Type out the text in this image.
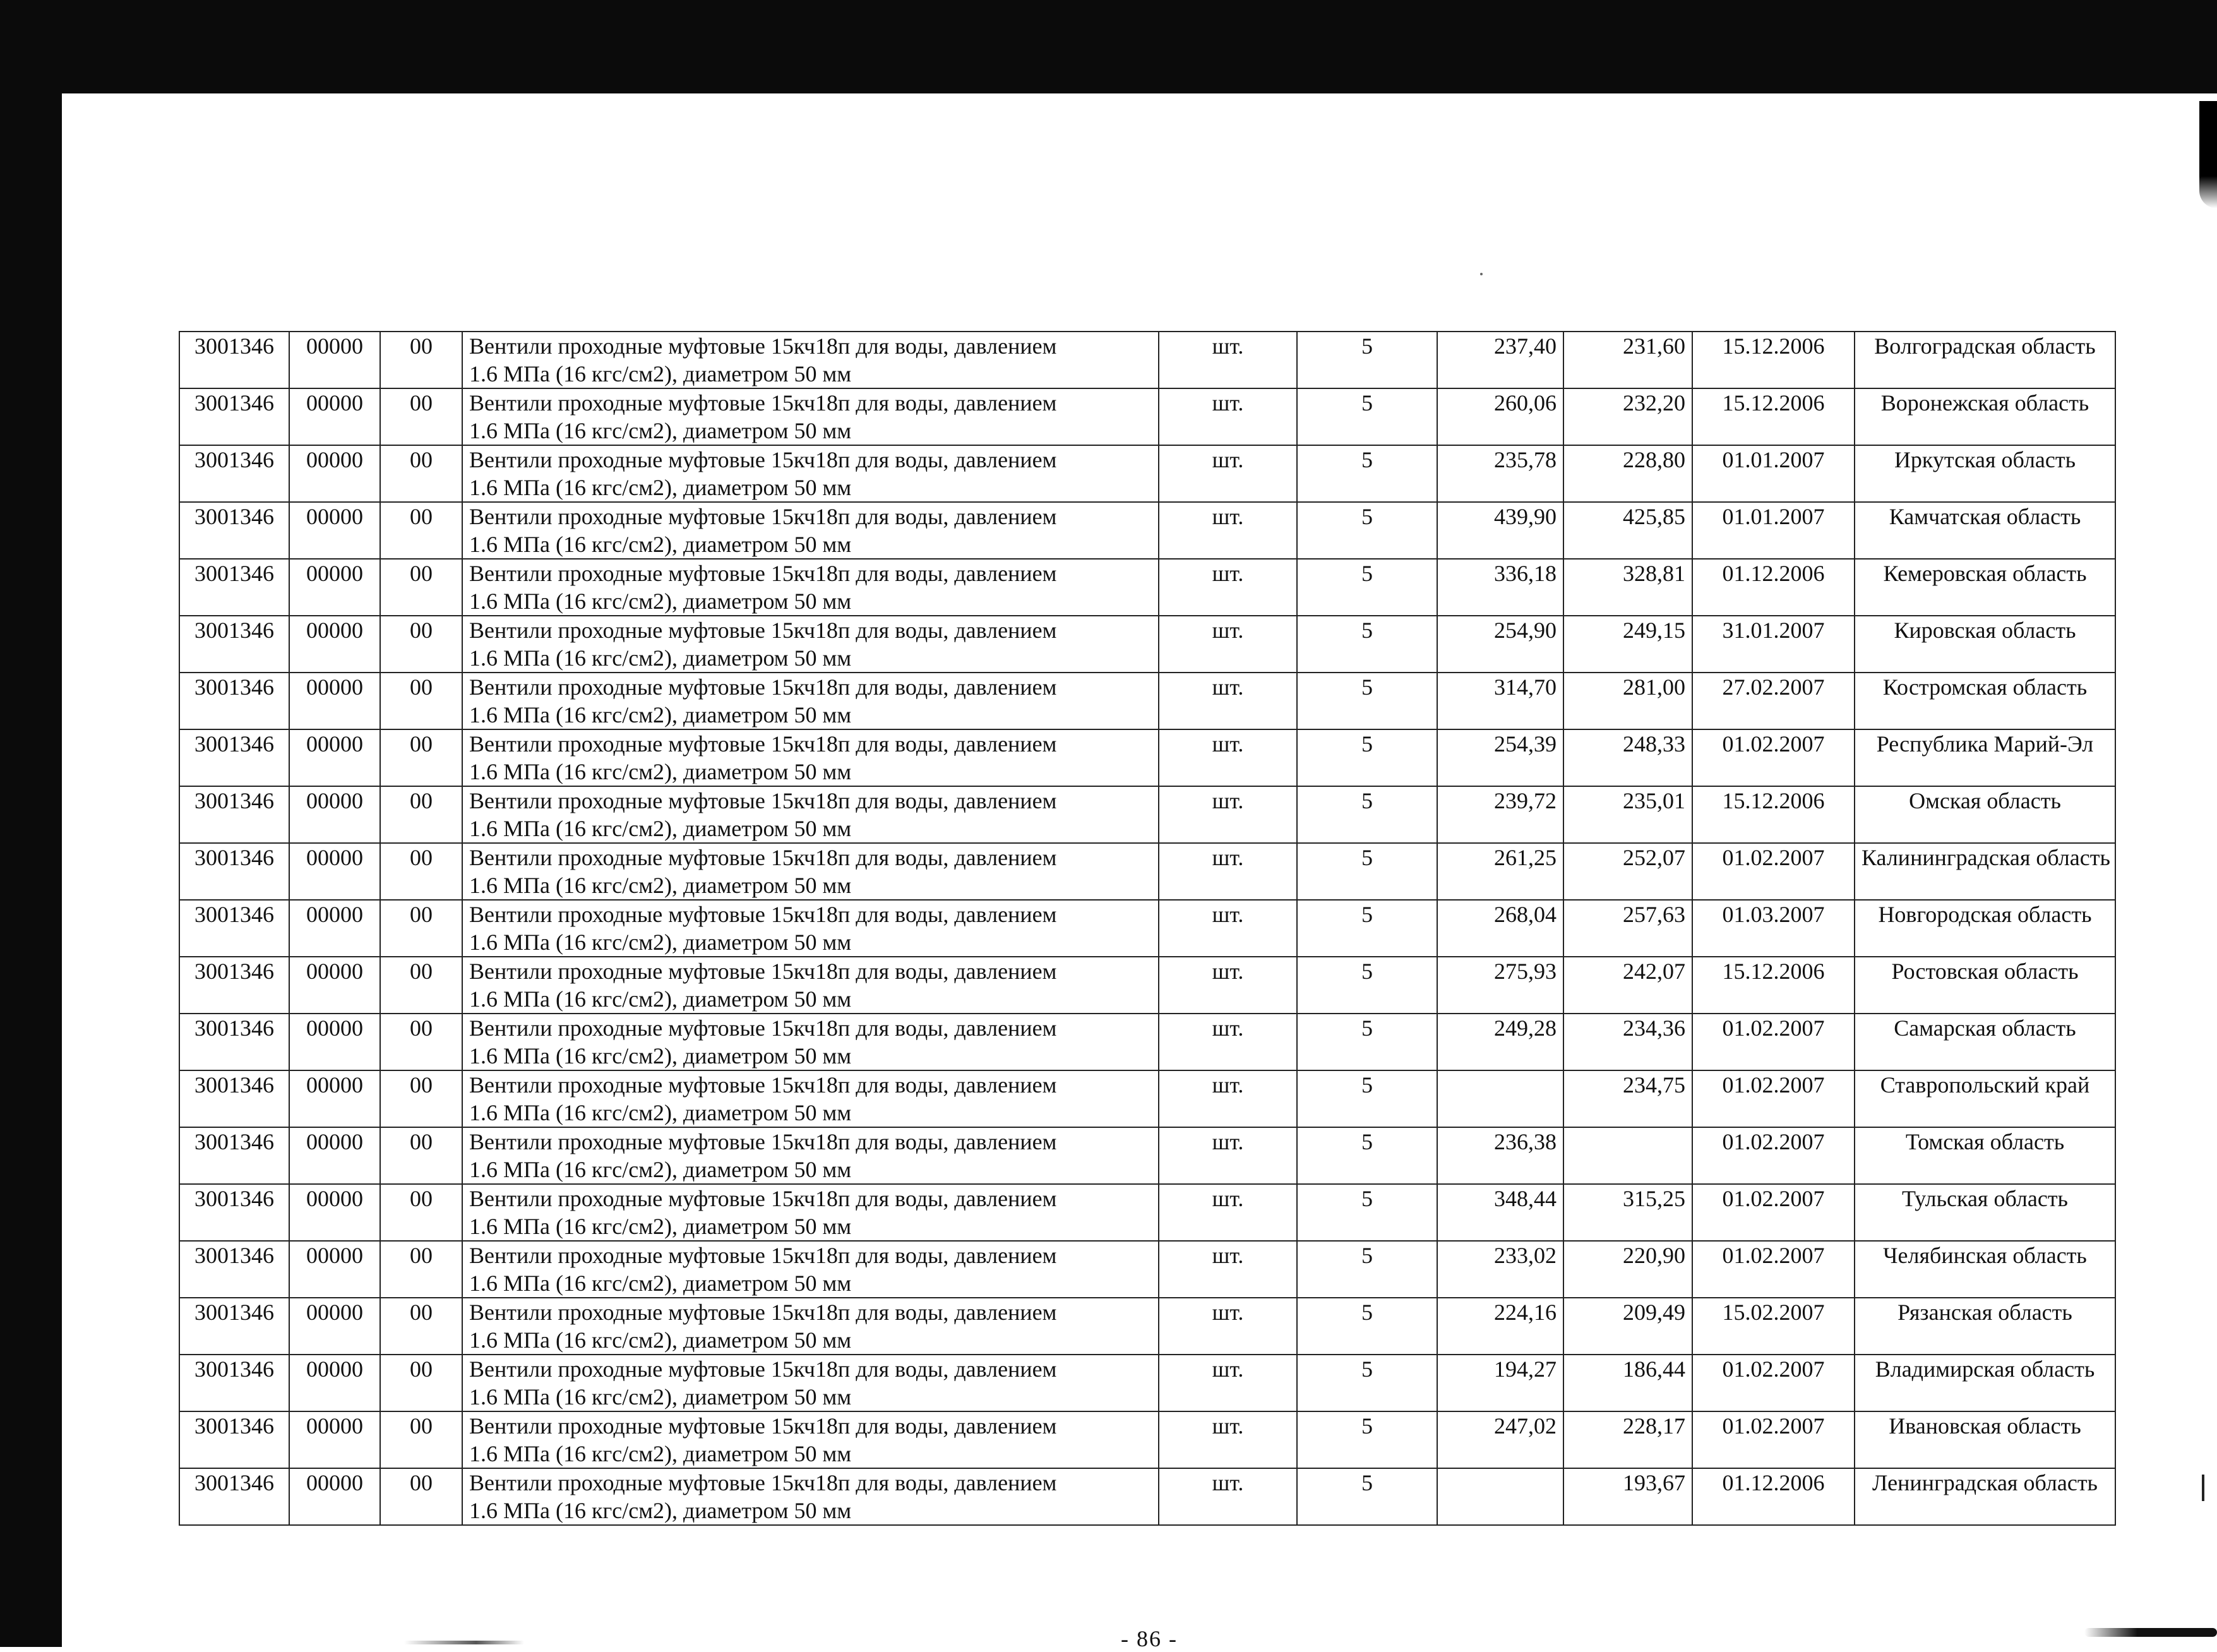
3001346	00000	00	Вентили проходные муфтовые 15кч18п для воды, давлением
1.6 МПа (16 кгс/см2), диаметром 50 мм	шт.	5	237,40	231,60	15.12.2006	Волгоградская область
3001346	00000	00	Вентили проходные муфтовые 15кч18п для воды, давлением
1.6 МПа (16 кгс/см2), диаметром 50 мм	шт.	5	260,06	232,20	15.12.2006	Воронежская область
3001346	00000	00	Вентили проходные муфтовые 15кч18п для воды, давлением
1.6 МПа (16 кгс/см2), диаметром 50 мм	шт.	5	235,78	228,80	01.01.2007	Иркутская область
3001346	00000	00	Вентили проходные муфтовые 15кч18п для воды, давлением
1.6 МПа (16 кгс/см2), диаметром 50 мм	шт.	5	439,90	425,85	01.01.2007	Камчатская область
3001346	00000	00	Вентили проходные муфтовые 15кч18п для воды, давлением
1.6 МПа (16 кгс/см2), диаметром 50 мм	шт.	5	336,18	328,81	01.12.2006	Кемеровская область
3001346	00000	00	Вентили проходные муфтовые 15кч18п для воды, давлением
1.6 МПа (16 кгс/см2), диаметром 50 мм	шт.	5	254,90	249,15	31.01.2007	Кировская область
3001346	00000	00	Вентили проходные муфтовые 15кч18п для воды, давлением
1.6 МПа (16 кгс/см2), диаметром 50 мм	шт.	5	314,70	281,00	27.02.2007	Костромская область
3001346	00000	00	Вентили проходные муфтовые 15кч18п для воды, давлением
1.6 МПа (16 кгс/см2), диаметром 50 мм	шт.	5	254,39	248,33	01.02.2007	Республика Марий-Эл
3001346	00000	00	Вентили проходные муфтовые 15кч18п для воды, давлением
1.6 МПа (16 кгс/см2), диаметром 50 мм	шт.	5	239,72	235,01	15.12.2006	Омская область
3001346	00000	00	Вентили проходные муфтовые 15кч18п для воды, давлением
1.6 МПа (16 кгс/см2), диаметром 50 мм	шт.	5	261,25	252,07	01.02.2007	Калининградская область
3001346	00000	00	Вентили проходные муфтовые 15кч18п для воды, давлением
1.6 МПа (16 кгс/см2), диаметром 50 мм	шт.	5	268,04	257,63	01.03.2007	Новгородская область
3001346	00000	00	Вентили проходные муфтовые 15кч18п для воды, давлением
1.6 МПа (16 кгс/см2), диаметром 50 мм	шт.	5	275,93	242,07	15.12.2006	Ростовская область
3001346	00000	00	Вентили проходные муфтовые 15кч18п для воды, давлением
1.6 МПа (16 кгс/см2), диаметром 50 мм	шт.	5	249,28	234,36	01.02.2007	Самарская область
3001346	00000	00	Вентили проходные муфтовые 15кч18п для воды, давлением
1.6 МПа (16 кгс/см2), диаметром 50 мм	шт.	5		234,75	01.02.2007	Ставропольский край
3001346	00000	00	Вентили проходные муфтовые 15кч18п для воды, давлением
1.6 МПа (16 кгс/см2), диаметром 50 мм	шт.	5	236,38		01.02.2007	Томская область
3001346	00000	00	Вентили проходные муфтовые 15кч18п для воды, давлением
1.6 МПа (16 кгс/см2), диаметром 50 мм	шт.	5	348,44	315,25	01.02.2007	Тульская область
3001346	00000	00	Вентили проходные муфтовые 15кч18п для воды, давлением
1.6 МПа (16 кгс/см2), диаметром 50 мм	шт.	5	233,02	220,90	01.02.2007	Челябинская область
3001346	00000	00	Вентили проходные муфтовые 15кч18п для воды, давлением
1.6 МПа (16 кгс/см2), диаметром 50 мм	шт.	5	224,16	209,49	15.02.2007	Рязанская область
3001346	00000	00	Вентили проходные муфтовые 15кч18п для воды, давлением
1.6 МПа (16 кгс/см2), диаметром 50 мм	шт.	5	194,27	186,44	01.02.2007	Владимирская область
3001346	00000	00	Вентили проходные муфтовые 15кч18п для воды, давлением
1.6 МПа (16 кгс/см2), диаметром 50 мм	шт.	5	247,02	228,17	01.02.2007	Ивановская область
3001346	00000	00	Вентили проходные муфтовые 15кч18п для воды, давлением
1.6 МПа (16 кгс/см2), диаметром 50 мм	шт.	5		193,67	01.12.2006	Ленинградская область
- 86 -
